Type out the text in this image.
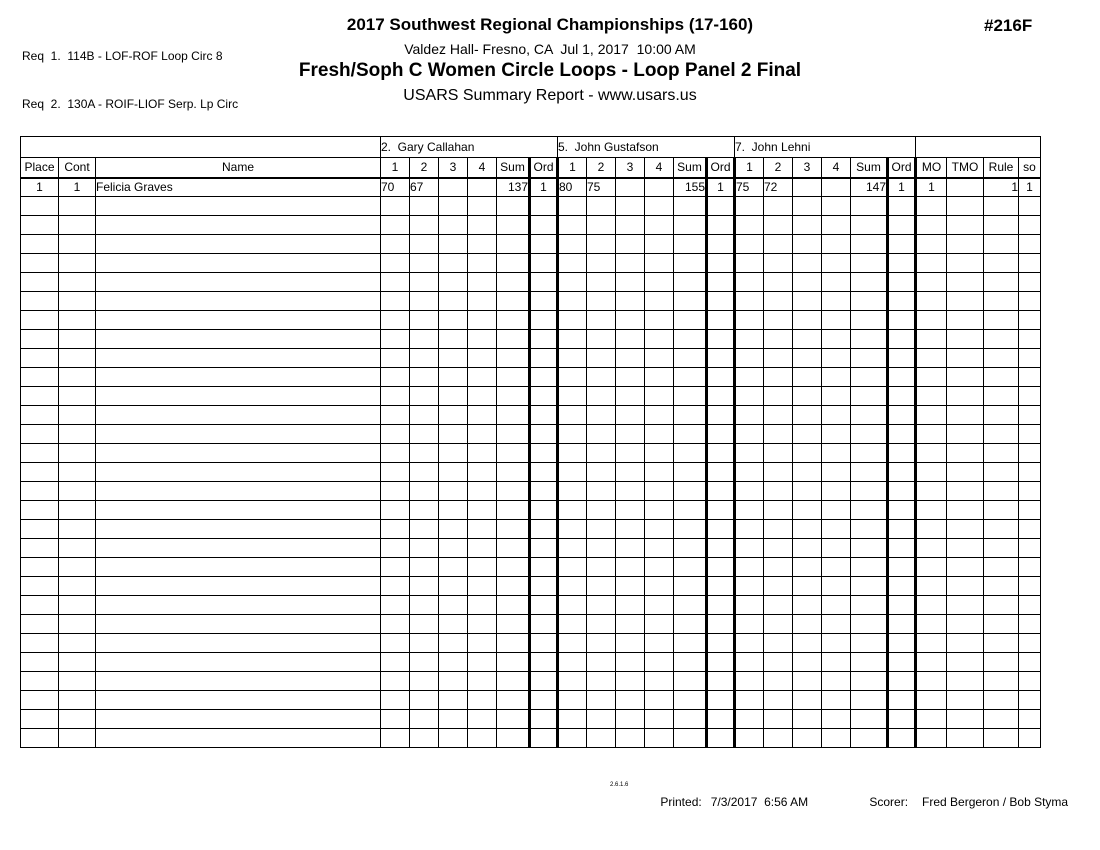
Req  1.  114B - LOF-ROF Loop Circ 8

Req  2.  130A - ROIF-LIOF Serp. Lp Circ

2017 Southwest Regional Championships (17-160)
Valdez Hall- Fresno, CA  Jul 1, 2017  10:00 AM
Fresh/Soph C Women Circle Loops - Loop Panel 2 Final
USARS Summary Report - www.usars.us
#216F
			2.  Gary Callahan						5.  John Gustafson						7.  John Lehni									
Place	Cont	Name	1	2	3	4	Sum	Ord	1	2	3	4	Sum	Ord	1	2	3	4	Sum	Ord	MO	TMO	Rule	so
1	1	Felicia Graves	70	67			137	1	80	75			155	1	75	72			147	1	1		1	1

2.6.1.6

Printed: 7/3/2017  6:56 AM
	Scorer: Fred Bergeron / Bob Styma
